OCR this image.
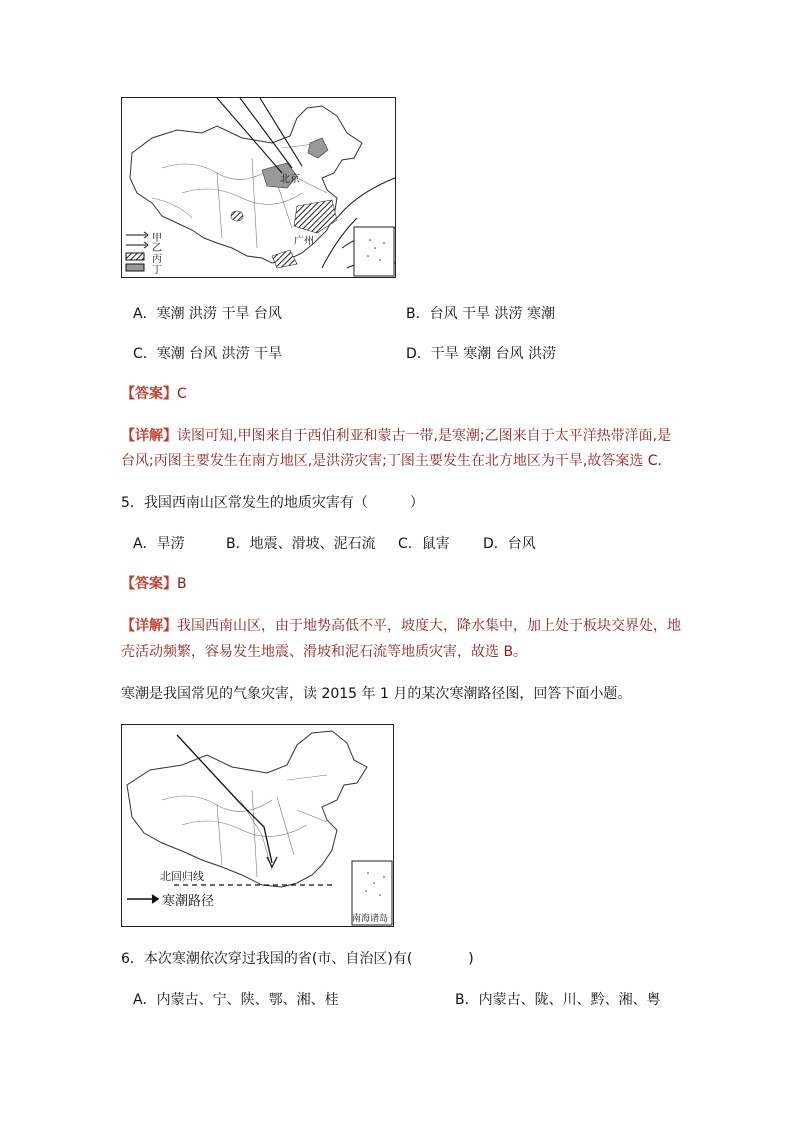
北京
广州
甲
乙
丙
丁
A．寒潮 洪涝 干旱 台风	B．台风 干旱 洪涝 寒潮
C．寒潮 台风 洪涝 干旱	D．干旱 寒潮 台风 洪涝
【答案】C
【详解】读图可知,甲图来自于西伯利亚和蒙古一带,是寒潮;乙图来自于太平洋热带洋面,是
台风;丙图主要发生在南方地区,是洪涝灾害;丁图主要发生在北方地区为干旱,故答案选 C.
5．我国西南山区常发生的地质灾害有（　　　）
A．旱涝	B．地震、滑坡、泥石流 C．鼠害 D．台风
【答案】B
【详解】我国西南山区，由于地势高低不平，坡度大，降水集中，加上处于板块交界处，地
壳活动频繁，容易发生地震、滑坡和泥石流等地质灾害，故选 B。
寒潮是我国常见的气象灾害，读 2015 年 1 月的某次寒潮路径图，回答下面小题。
北回归线
寒潮路径
南海诸岛
6．本次寒潮依次穿过我国的省(市、自治区)有(　　　　)
A．内蒙古、宁、陕、鄂、湘、桂	B．内蒙古、陇、川、黔、湘、粤
